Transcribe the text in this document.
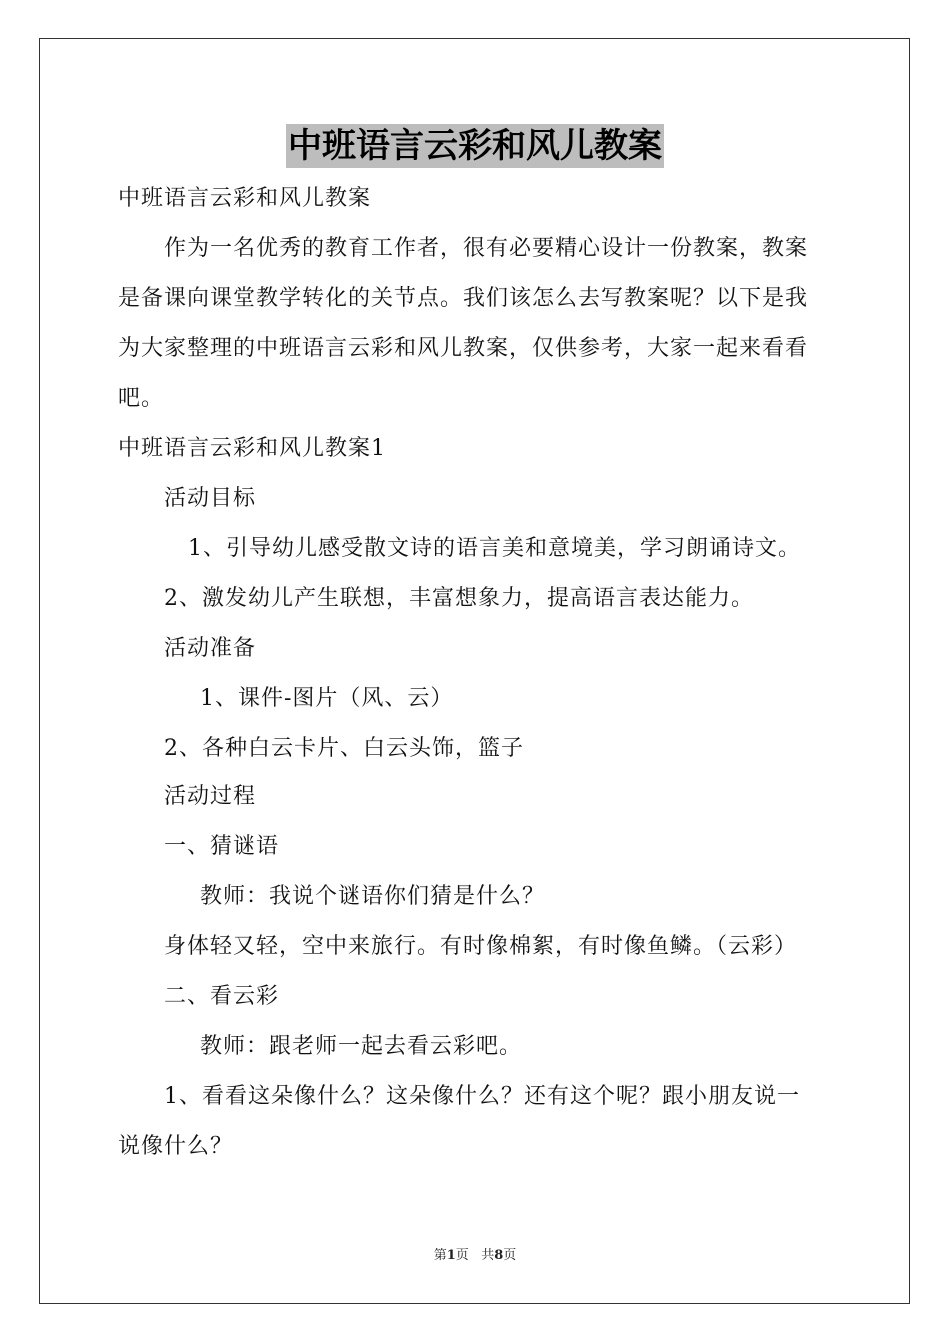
中班语言云彩和风儿教案
中班语言云彩和风儿教案
作为一名优秀的教育工作者，很有必要精心设计一份教案，教案
是备课向课堂教学转化的关节点。我们该怎么去写教案呢？以下是我
为大家整理的中班语言云彩和风儿教案，仅供参考，大家一起来看看
吧。
中班语言云彩和风儿教案1
活动目标
1、引导幼儿感受散文诗的语言美和意境美，学习朗诵诗文。
2、激发幼儿产生联想，丰富想象力，提高语言表达能力。
活动准备
1、课件-图片（风、云）
2、各种白云卡片、白云头饰，篮子
活动过程
一、猜谜语
教师：我说个谜语你们猜是什么？
身体轻又轻，空中来旅行。有时像棉絮，有时像鱼鳞。（云彩）
二、看云彩
教师：跟老师一起去看云彩吧。
1、看看这朵像什么？这朵像什么？还有这个呢？跟小朋友说一
说像什么？
第1页 共8页
